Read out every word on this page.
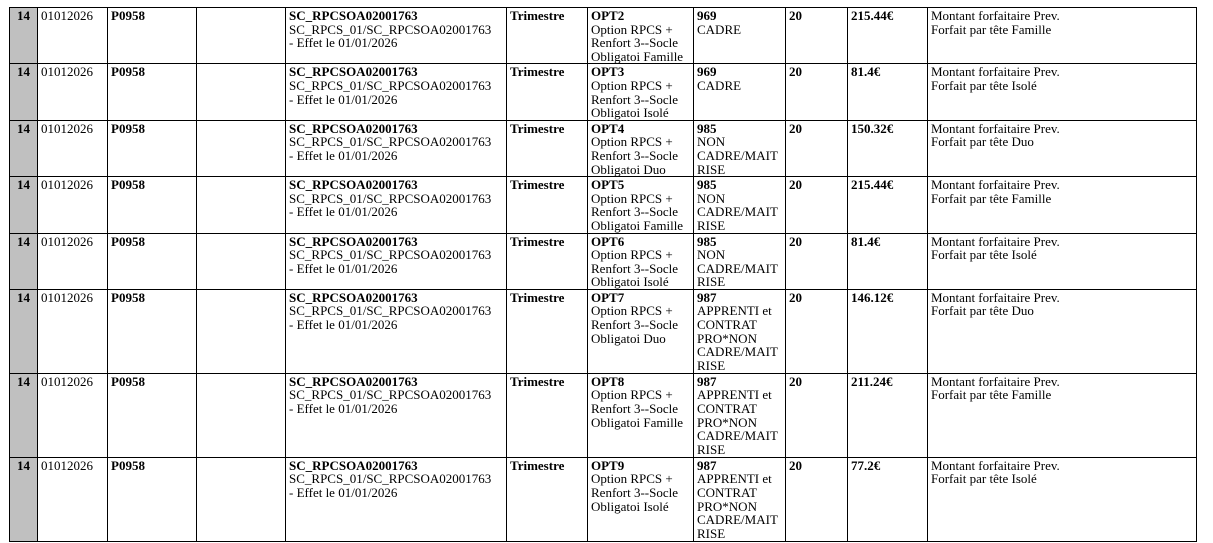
14	01012026	P0958		SC_RPCSOA02001763
SC_RPCS_01/SC_RPCSOA02001763
- Effet le 01/01/2026	Trimestre	OPT2
Option RPCS +
Renfort 3--Socle
Obligatoi Famille	969
CADRE	20	215.44€	Montant forfaitaire Prev.
Forfait par tête Famille

14	01012026	P0958		SC_RPCSOA02001763
SC_RPCS_01/SC_RPCSOA02001763
- Effet le 01/01/2026	Trimestre	OPT3
Option RPCS +
Renfort 3--Socle
Obligatoi Isolé	969
CADRE	20	81.4€	Montant forfaitaire Prev.
Forfait par tête Isolé

14	01012026	P0958		SC_RPCSOA02001763
SC_RPCS_01/SC_RPCSOA02001763
- Effet le 01/01/2026	Trimestre	OPT4
Option RPCS +
Renfort 3--Socle
Obligatoi Duo	985
NON CADRE/MAIT RISE	20	150.32€	Montant forfaitaire Prev.
Forfait par tête Duo

14	01012026	P0958		SC_RPCSOA02001763
SC_RPCS_01/SC_RPCSOA02001763
- Effet le 01/01/2026	Trimestre	OPT5
Option RPCS +
Renfort 3--Socle
Obligatoi Famille	985
NON CADRE/MAIT RISE	20	215.44€	Montant forfaitaire Prev.
Forfait par tête Famille

14	01012026	P0958		SC_RPCSOA02001763
SC_RPCS_01/SC_RPCSOA02001763
- Effet le 01/01/2026	Trimestre	OPT6
Option RPCS +
Renfort 3--Socle
Obligatoi Isolé	985
NON CADRE/MAIT RISE	20	81.4€	Montant forfaitaire Prev.
Forfait par tête Isolé

14	01012026	P0958		SC_RPCSOA02001763
SC_RPCS_01/SC_RPCSOA02001763
- Effet le 01/01/2026	Trimestre	OPT7
Option RPCS +
Renfort 3--Socle
Obligatoi Duo	987
APPRENTI et CONTRAT PRO*NON CADRE/MAIT RISE	20	146.12€	Montant forfaitaire Prev.
Forfait par tête Duo

14	01012026	P0958		SC_RPCSOA02001763
SC_RPCS_01/SC_RPCSOA02001763
- Effet le 01/01/2026	Trimestre	OPT8
Option RPCS +
Renfort 3--Socle
Obligatoi Famille	987
APPRENTI et CONTRAT PRO*NON CADRE/MAIT RISE	20	211.24€	Montant forfaitaire Prev.
Forfait par tête Famille

14	01012026	P0958		SC_RPCSOA02001763
SC_RPCS_01/SC_RPCSOA02001763
- Effet le 01/01/2026	Trimestre	OPT9
Option RPCS +
Renfort 3--Socle
Obligatoi Isolé	987
APPRENTI et CONTRAT PRO*NON CADRE/MAIT RISE	20	77.2€	Montant forfaitaire Prev.
Forfait par tête Isolé
